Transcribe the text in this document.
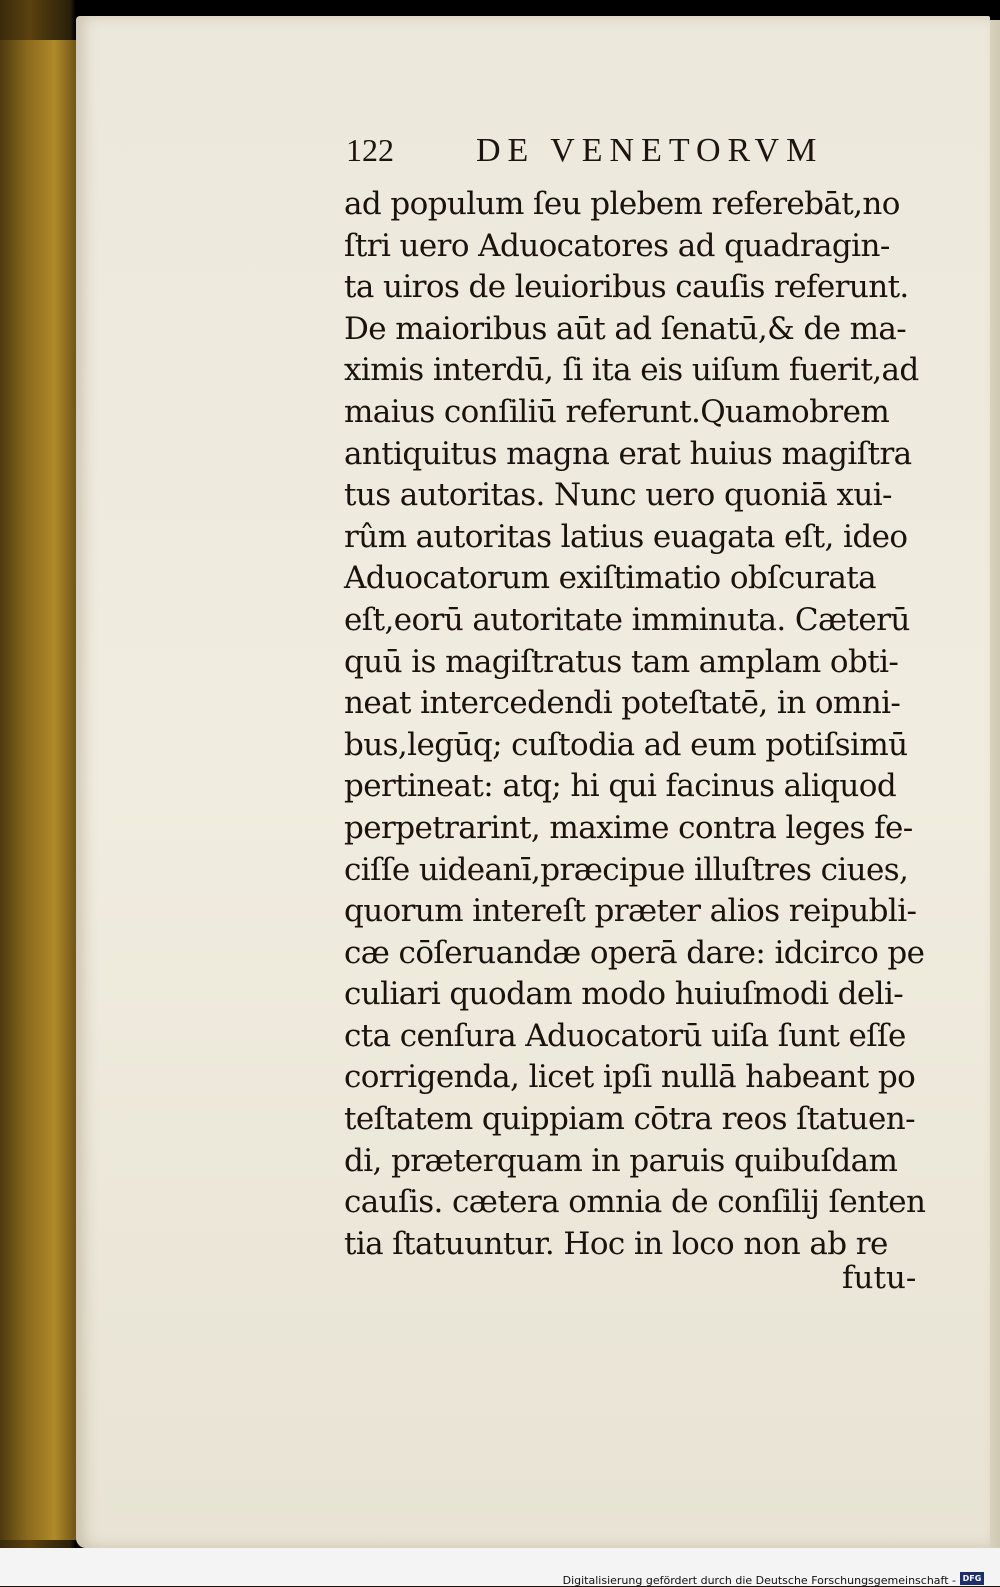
122 DE VENETORVM
ad populum ſeu plebem referebāt,no
ſtri uero Aduocatores ad quadragin-
ta uiros de leuioribus cauſis referunt.
De maioribus aūt ad ſenatū,& de ma-
ximis interdū, ſi ita eis uiſum fuerit,ad
maius conſiliū referunt.Quamobrem
antiquitus magna erat huius magiſtra
tus autoritas. Nunc uero quoniā xui-
rûm autoritas latius euagata eſt, ideo
Aduocatorum exiſtimatio obſcurata
eſt,eorū autoritate imminuta. Cæterū
quū is magiſtratus tam amplam obti-
neat intercedendi poteſtatē, in omni-
bus,legūq; cuſtodia ad eum potiſsimū
pertineat: atq; hi qui facinus aliquod
perpetrarint, maxime contra leges fe-
ciſſe uideanī,præcipue illuſtres ciues,
quorum intereſt præter alios reipubli-
cæ cōſeruandæ operā dare: idcirco pe
culiari quodam modo huiuſmodi deli-
cta cenſura Aduocatorū uiſa ſunt eſſe
corrigenda, licet ipſi nullā habeant po
teſtatem quippiam cōtra reos ſtatuen-
di, præterquam in paruis quibuſdam
cauſis. cætera omnia de conſilij ſenten
tia ſtatuuntur. Hoc in loco non ab re
futu-
Digitalisierung gefördert durch die Deutsche Forschungsgemeinschaft - DFG
